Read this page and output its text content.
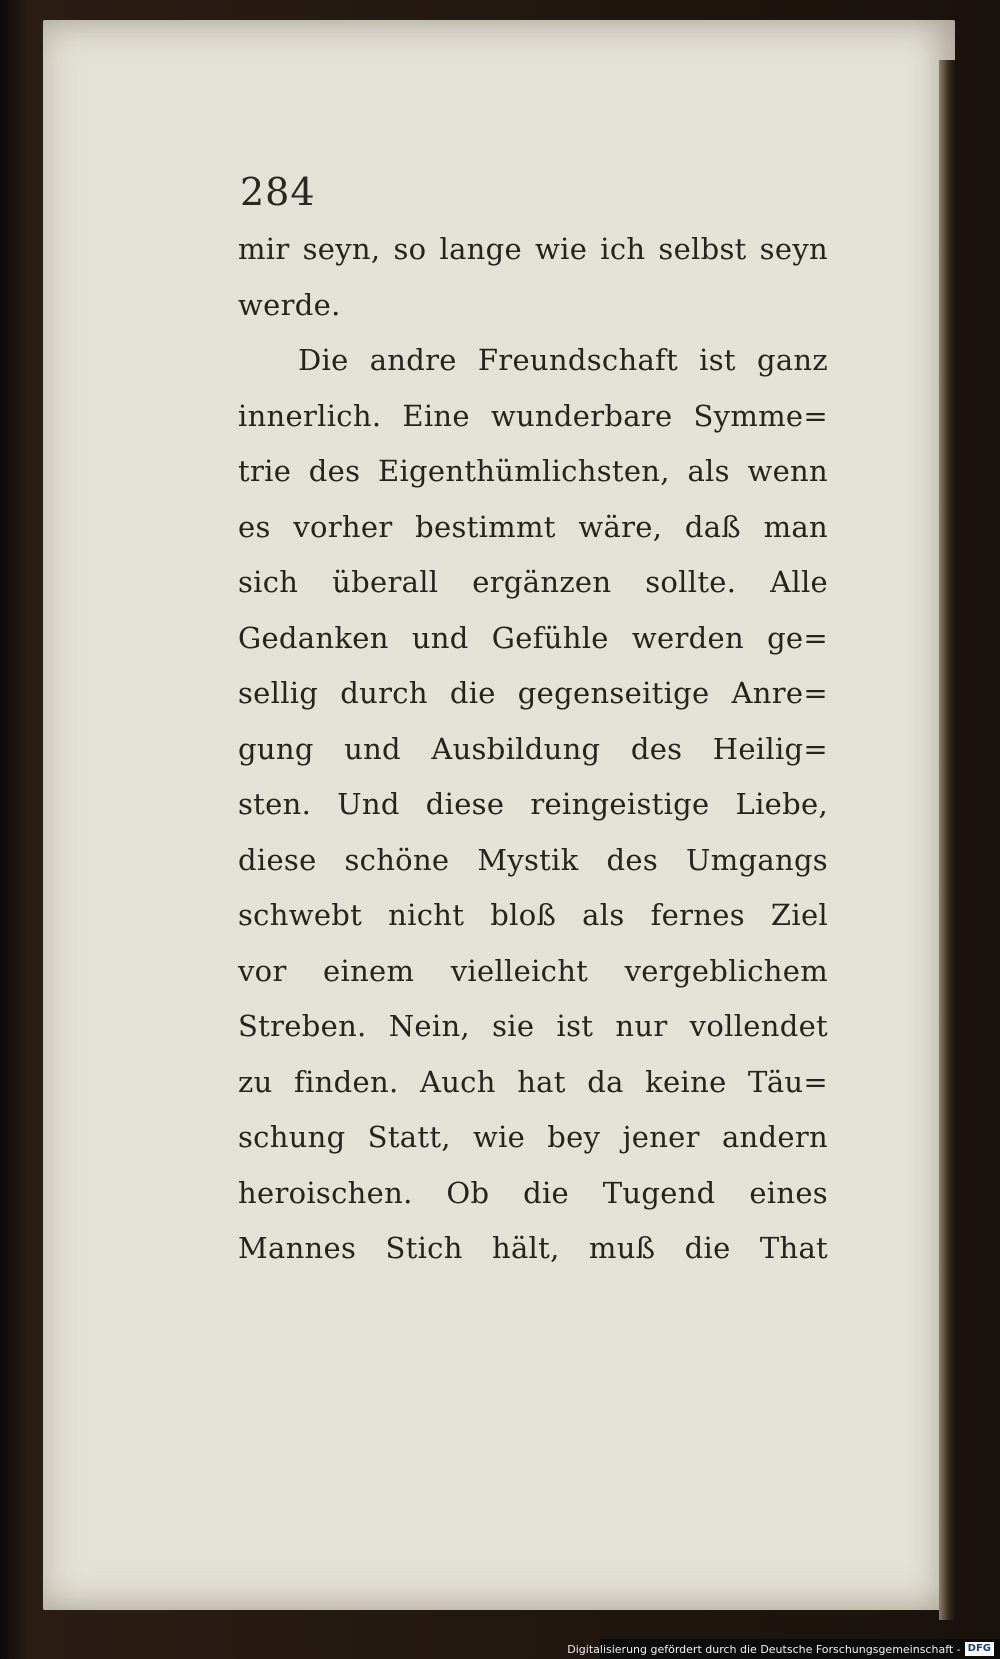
284
mir seyn, so lange wie ich selbst seyn
werde.
Die andre Freundschaft ist ganz
innerlich. Eine wunderbare Symme=
trie des Eigenthümlichsten, als wenn
es vorher bestimmt wäre, daß man
sich überall ergänzen sollte. Alle
Gedanken und Gefühle werden ge=
sellig durch die gegenseitige Anre=
gung und Ausbildung des Heilig=
sten. Und diese reingeistige Liebe,
diese schöne Mystik des Umgangs
schwebt nicht bloß als fernes Ziel
vor einem vielleicht vergeblichem
Streben. Nein, sie ist nur vollendet
zu finden. Auch hat da keine Täu=
schung Statt, wie bey jener andern
heroischen. Ob die Tugend eines
Mannes Stich hält, muß die That
Digitalisierung gefördert durch die Deutsche Forschungsgemeinschaft - DFG
